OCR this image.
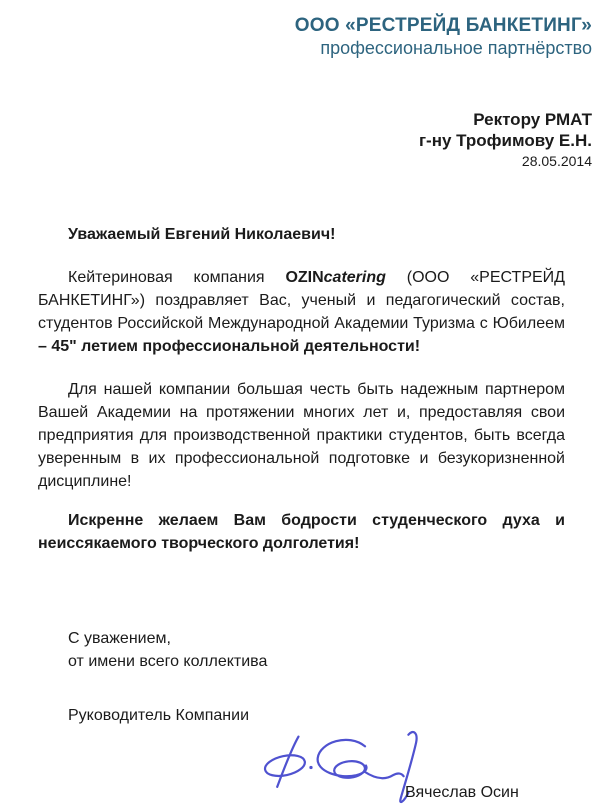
ООО «РЕСТРЕЙД БАНКЕТИНГ»
профессиональное партнёрство
Ректору РМАТ
г-ну Трофимову Е.Н.
28.05.2014
Уважаемый Евгений Николаевич!

Кейтериновая компания OZINcatering (ООО «РЕСТРЕЙД БАНКЕТИНГ») поздравляет Вас, ученый и педагогический состав, студентов Российской Международной Академии Туризма с Юбилеем – 45" летием профессиональной деятельности!

Для нашей компании большая честь быть надежным партнером Вашей Академии на протяжении многих лет и, предоставляя свои предприятия для производственной практики студентов, быть всегда уверенным в их профессиональной подготовке и безукоризненной дисциплине!

Искренне желаем Вам бодрости студенческого духа и неиссякаемого творческого долголетия!

С уважением,
от имени всего коллектива
Руководитель Компании
Вячеслав Осин
